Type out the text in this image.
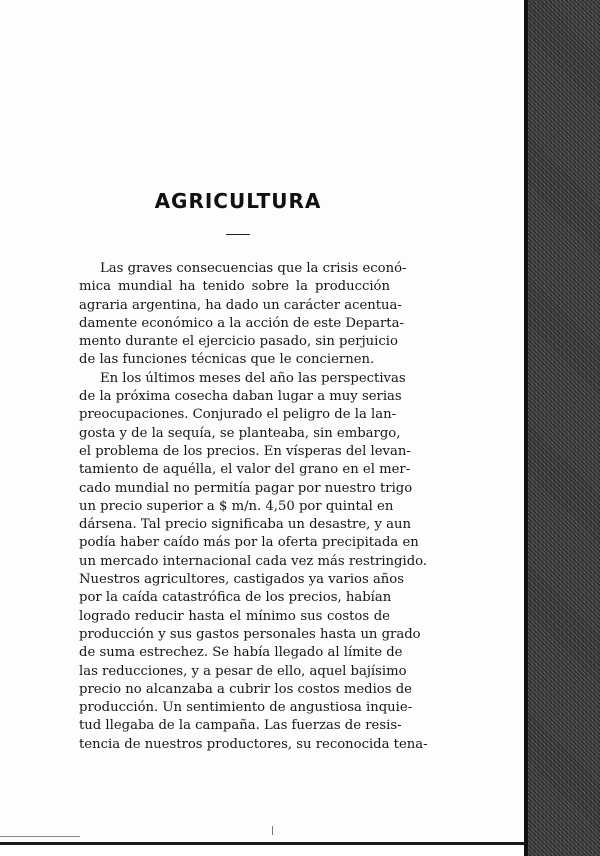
AGRICULTURA
Las graves consecuencias que la crisis econó-
mica mundial ha tenido sobre la producción
agraria argentina, ha dado un carácter acentua-
damente económico a la acción de este Departa-
mento durante el ejercicio pasado, sin perjuicio
de las funciones técnicas que le conciernen.
En los últimos meses del año las perspectivas
de la próxima cosecha daban lugar a muy serias
preocupaciones. Conjurado el peligro de la lan-
gosta y de la sequía, se planteaba, sin embargo,
el problema de los precios. En vísperas del levan-
tamiento de aquélla, el valor del grano en el mer-
cado mundial no permitía pagar por nuestro trigo
un precio superior a $ m/n. 4,50 por quintal en
dársena. Tal precio significaba un desastre, y aun
podía haber caído más por la oferta precipitada en
un mercado internacional cada vez más restringido.
Nuestros agricultores, castigados ya varios años
por la caída catastrófica de los precios, habían
logrado reducir hasta el mínimo sus costos de
producción y sus gastos personales hasta un grado
de suma estrechez. Se había llegado al límite de
las reducciones, y a pesar de ello, aquel bajísimo
precio no alcanzaba a cubrir los costos medios de
producción. Un sentimiento de angustiosa inquie-
tud llegaba de la campaña. Las fuerzas de resis-
tencia de nuestros productores, su reconocida tena-
